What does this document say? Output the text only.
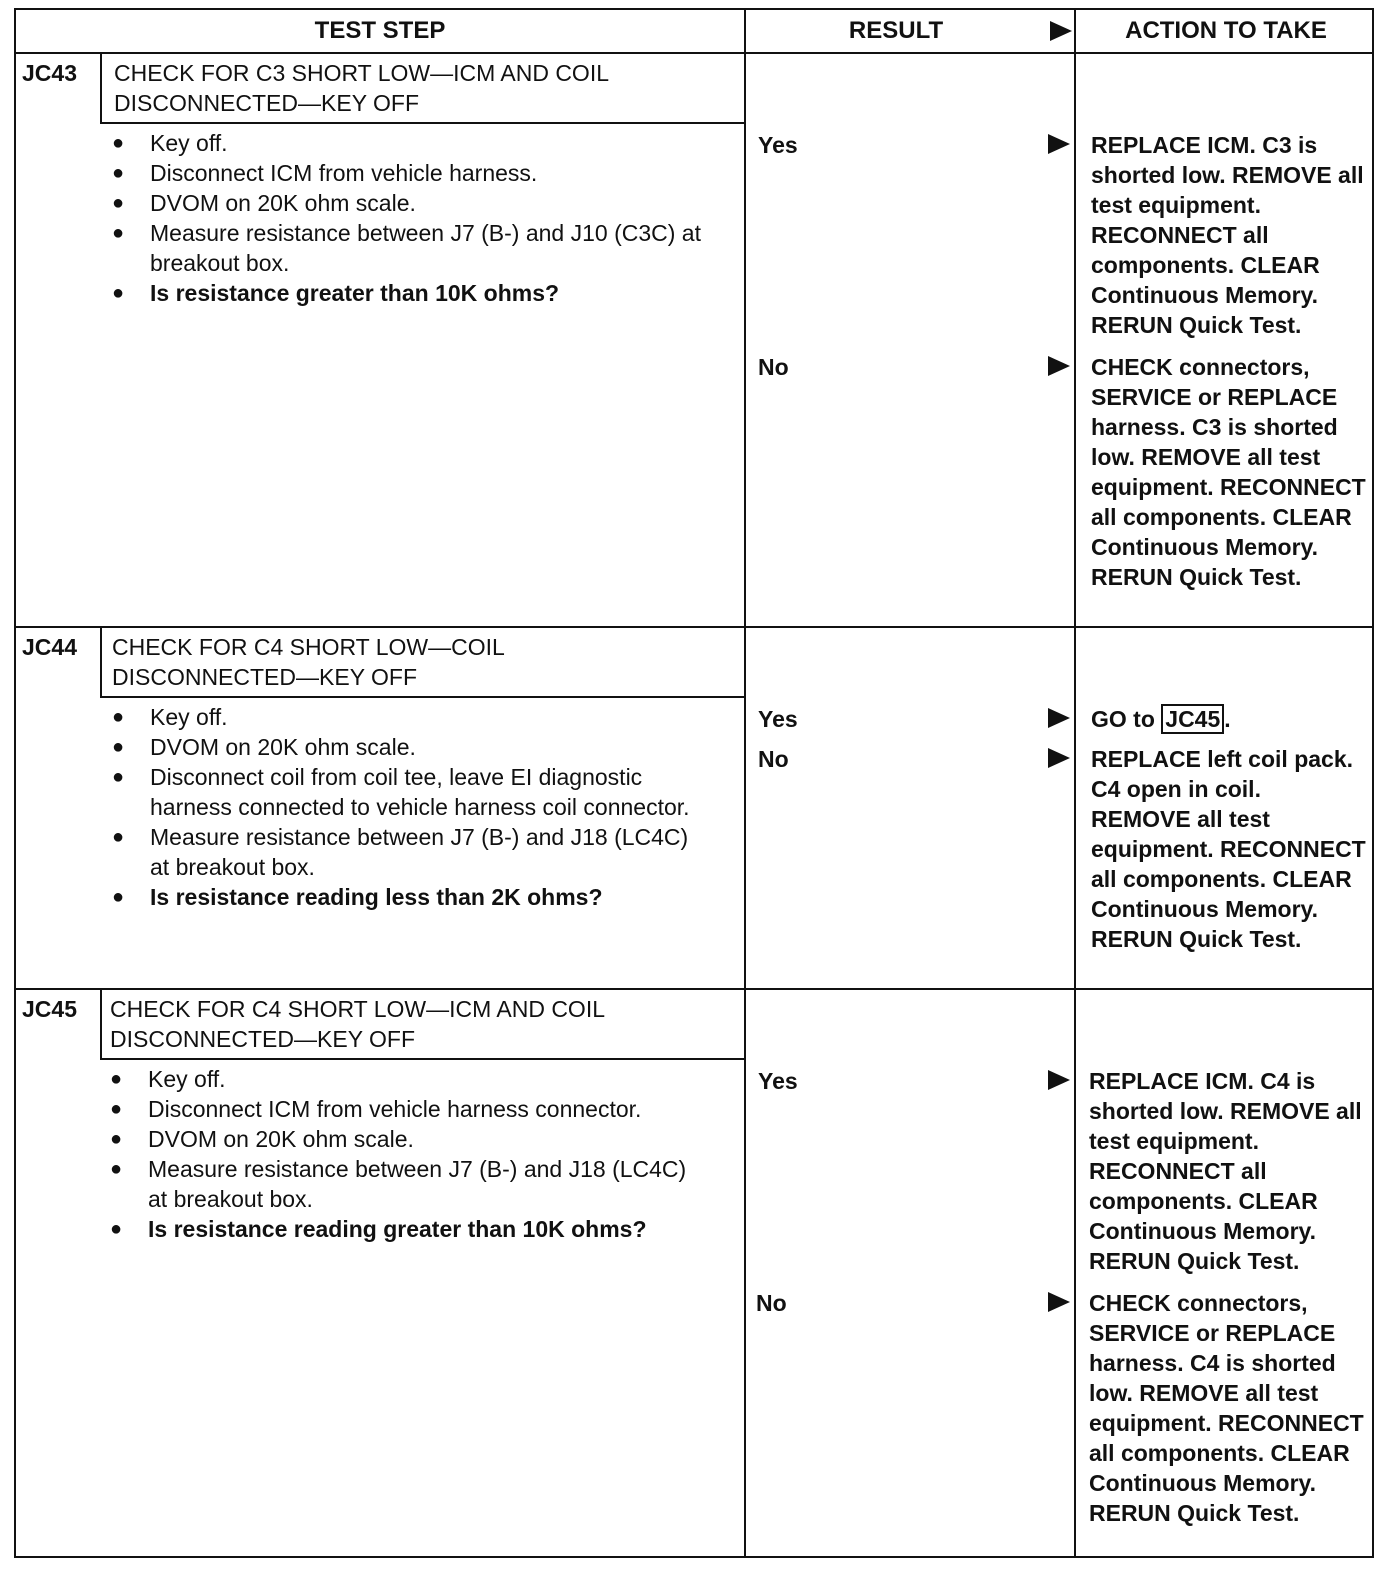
TEST STEP	RESULT	ACTION TO TAKE
JC43 CHECK FOR C3 SHORT LOW—ICM AND COIL
DISCONNECTED—KEY OFF
● Key off.
● Disconnect ICM from vehicle harness.
● DVOM on 20K ohm scale.
● Measure resistance between J7 (B-) and J10 (C3C) at breakout box.
● Is resistance greater than 10K ohms?
Yes	REPLACE ICM. C3 is shorted low. REMOVE all test equipment. RECONNECT all components. CLEAR Continuous Memory. RERUN Quick Test.
No	CHECK connectors, SERVICE or REPLACE harness. C3 is shorted low. REMOVE all test equipment. RECONNECT all components. CLEAR Continuous Memory. RERUN Quick Test.
JC44 CHECK FOR C4 SHORT LOW—COIL
DISCONNECTED—KEY OFF
● Key off.
● DVOM on 20K ohm scale.
● Disconnect coil from coil tee, leave EI diagnostic harness connected to vehicle harness coil connector.
● Measure resistance between J7 (B-) and J18 (LC4C) at breakout box.
● Is resistance reading less than 2K ohms?
Yes	GO to JC45 .
No	REPLACE left coil pack. C4 open in coil. REMOVE all test equipment. RECONNECT all components. CLEAR Continuous Memory. RERUN Quick Test.
JC45 CHECK FOR C4 SHORT LOW—ICM AND COIL
DISCONNECTED—KEY OFF
● Key off.
● Disconnect ICM from vehicle harness connector.
● DVOM on 20K ohm scale.
● Measure resistance between J7 (B-) and J18 (LC4C) at breakout box.
● Is resistance reading greater than 10K ohms?
Yes	REPLACE ICM. C4 is shorted low. REMOVE all test equipment. RECONNECT all components. CLEAR Continuous Memory. RERUN Quick Test.
No	CHECK connectors, SERVICE or REPLACE harness. C4 is shorted low. REMOVE all test equipment. RECONNECT all components. CLEAR Continuous Memory. RERUN Quick Test.
